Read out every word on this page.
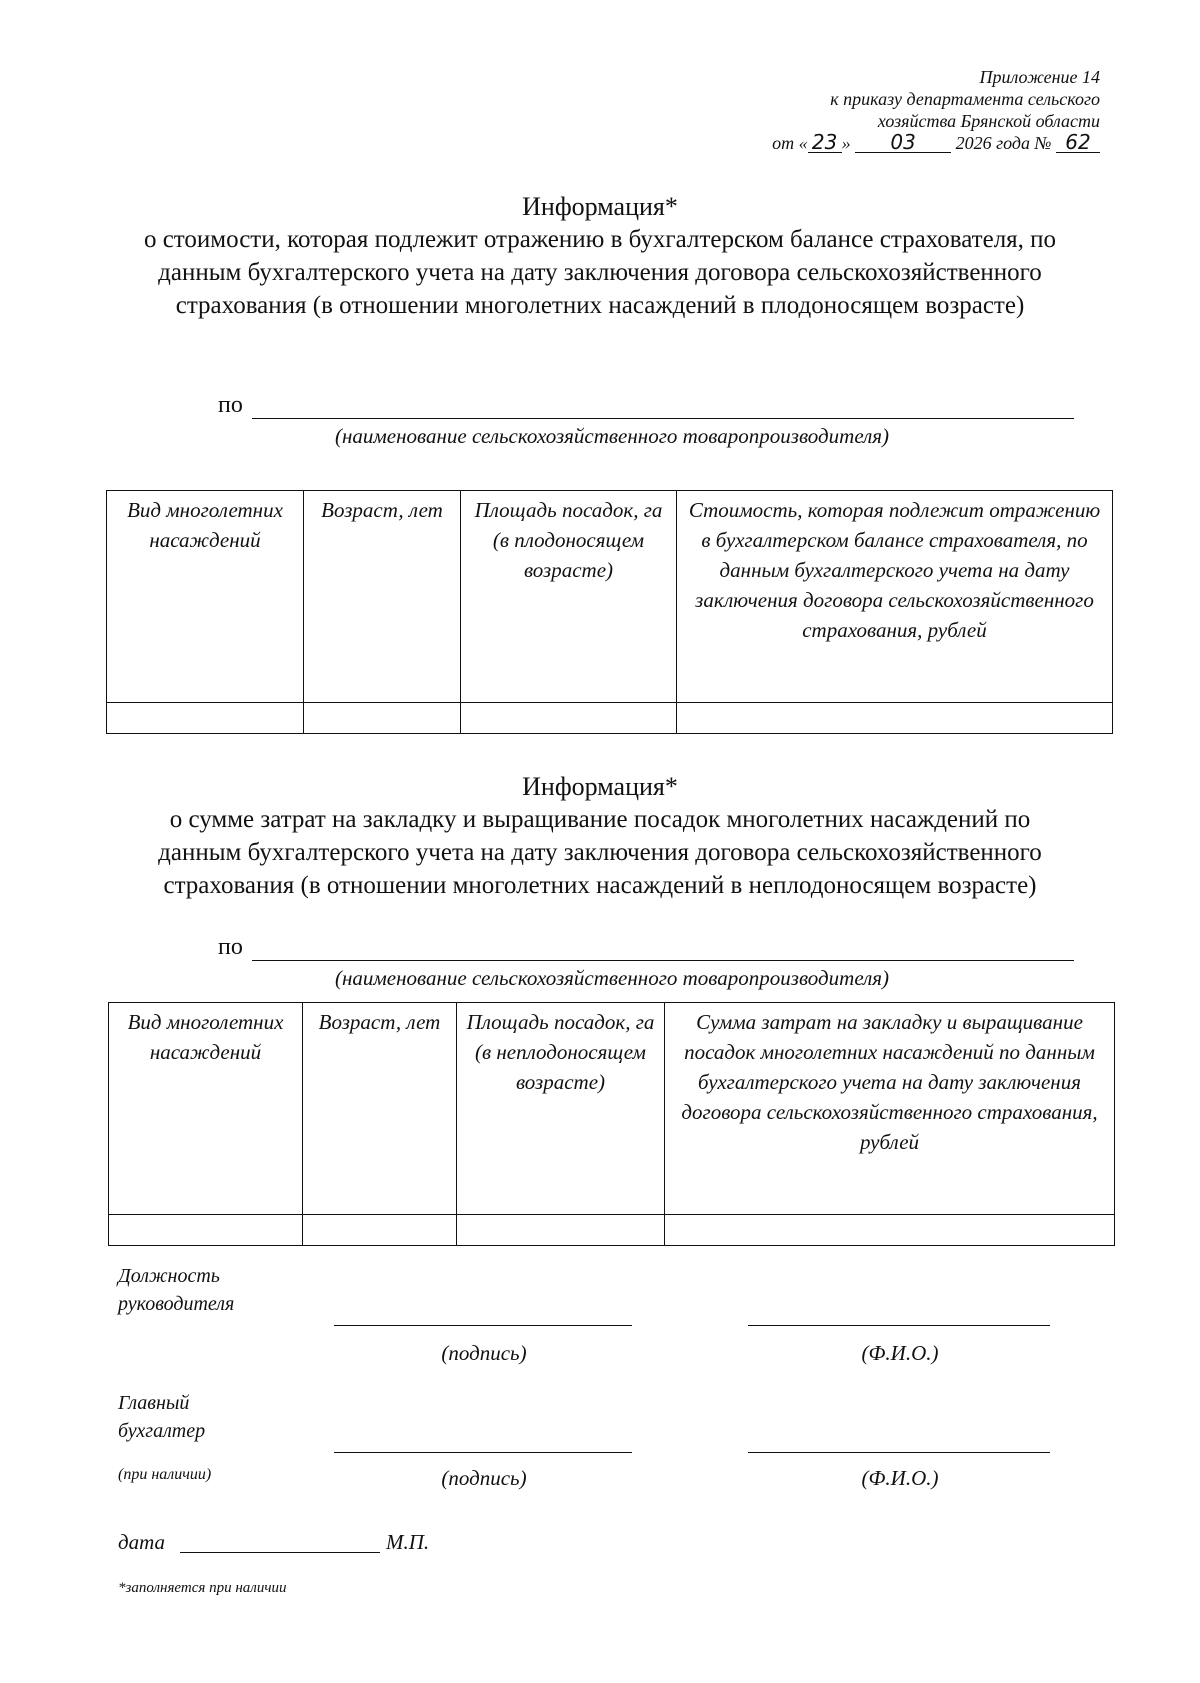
Приложение 14
к приказу департамента сельского
хозяйства Брянской области
от « 23 » 03 2026 года № 62
Информация*
о стоимости, которая подлежит отражению в бухгалтерском балансе страхователя, по данным бухгалтерского учета на дату заключения договора сельскохозяйственного страхования (в отношении многолетних насаждений в плодоносящем возрасте)
по
(наименование сельскохозяйственного товаропроизводителя)
Вид многолетних насаждений	Возраст, лет	Площадь посадок, га (в плодоносящем возрасте)	Стоимость, которая подлежит отражению в бухгалтерском балансе страхователя, по данным бухгалтерского учета на дату заключения договора сельскохозяйственного страхования, рублей

Информация*
о сумме затрат на закладку и выращивание посадок многолетних насаждений по данным бухгалтерского учета на дату заключения договора сельскохозяйственного страхования (в отношении многолетних насаждений в неплодоносящем возрасте)
по
(наименование сельскохозяйственного товаропроизводителя)
Вид многолетних насаждений	Возраст, лет	Площадь посадок, га (в неплодоносящем возрасте)	Сумма затрат на закладку и выращивание посадок многолетних насаждений по данным бухгалтерского учета на дату заключения договора сельскохозяйственного страхования, рублей

Должность
руководителя
(подпись)	(Ф.И.О.)
Главный
бухгалтер
(при наличии)	(подпись)	(Ф.И.О.)
дата	М.П.
*заполняется при наличии
